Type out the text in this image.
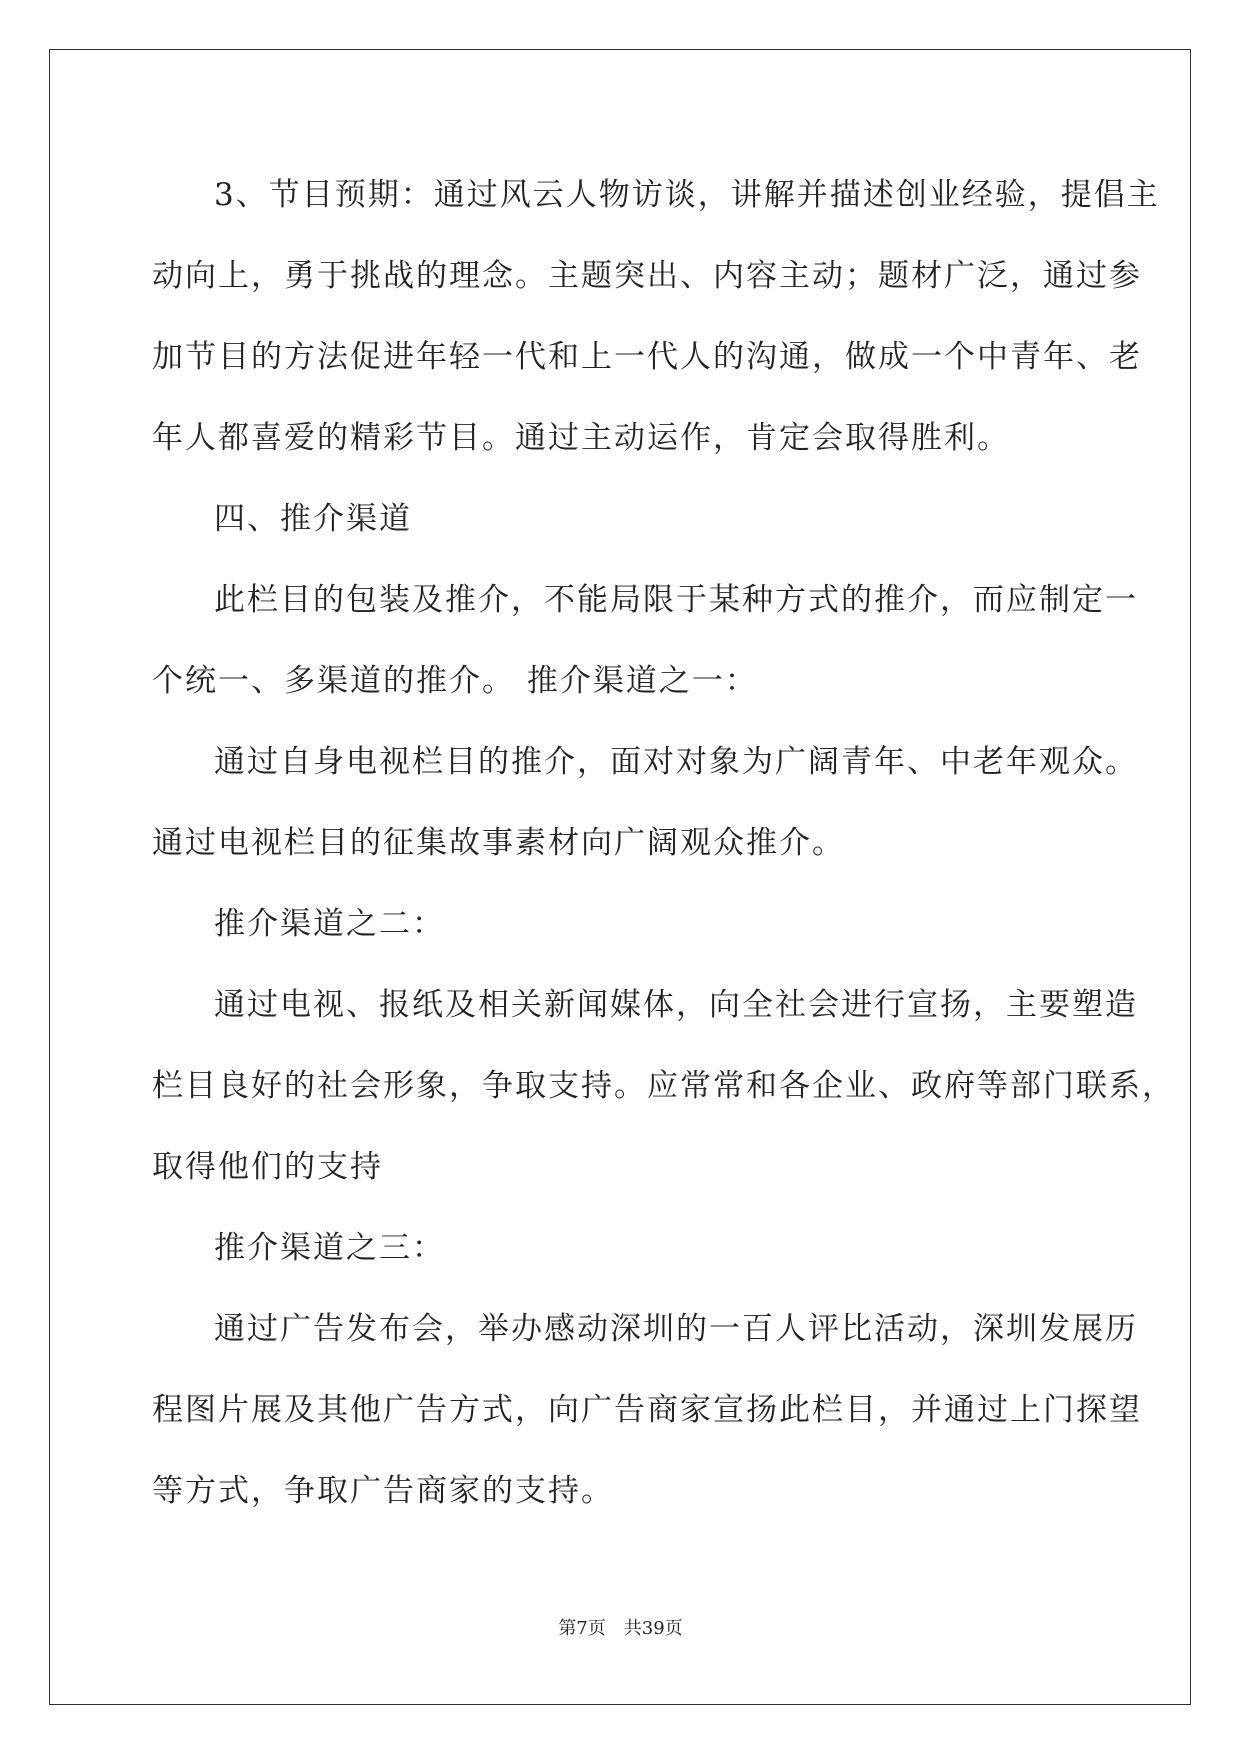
3、节目预期：通过风云人物访谈，讲解并描述创业经验，提倡主

动向上，勇于挑战的理念。主题突出、内容主动；题材广泛，通过参

加节目的方法促进年轻一代和上一代人的沟通，做成一个中青年、老

年人都喜爱的精彩节目。通过主动运作，肯定会取得胜利。

四、推介渠道

此栏目的包装及推介，不能局限于某种方式的推介，而应制定一

个统一、多渠道的推介。 推介渠道之一：

通过自身电视栏目的推介，面对对象为广阔青年、中老年观众。

通过电视栏目的征集故事素材向广阔观众推介。

推介渠道之二：

通过电视、报纸及相关新闻媒体，向全社会进行宣扬，主要塑造

栏目良好的社会形象，争取支持。应常常和各企业、政府等部门联系，

取得他们的支持

推介渠道之三：

通过广告发布会，举办感动深圳的一百人评比活动，深圳发展历

程图片展及其他广告方式，向广告商家宣扬此栏目，并通过上门探望

等方式，争取广告商家的支持。

第7页　共39页
